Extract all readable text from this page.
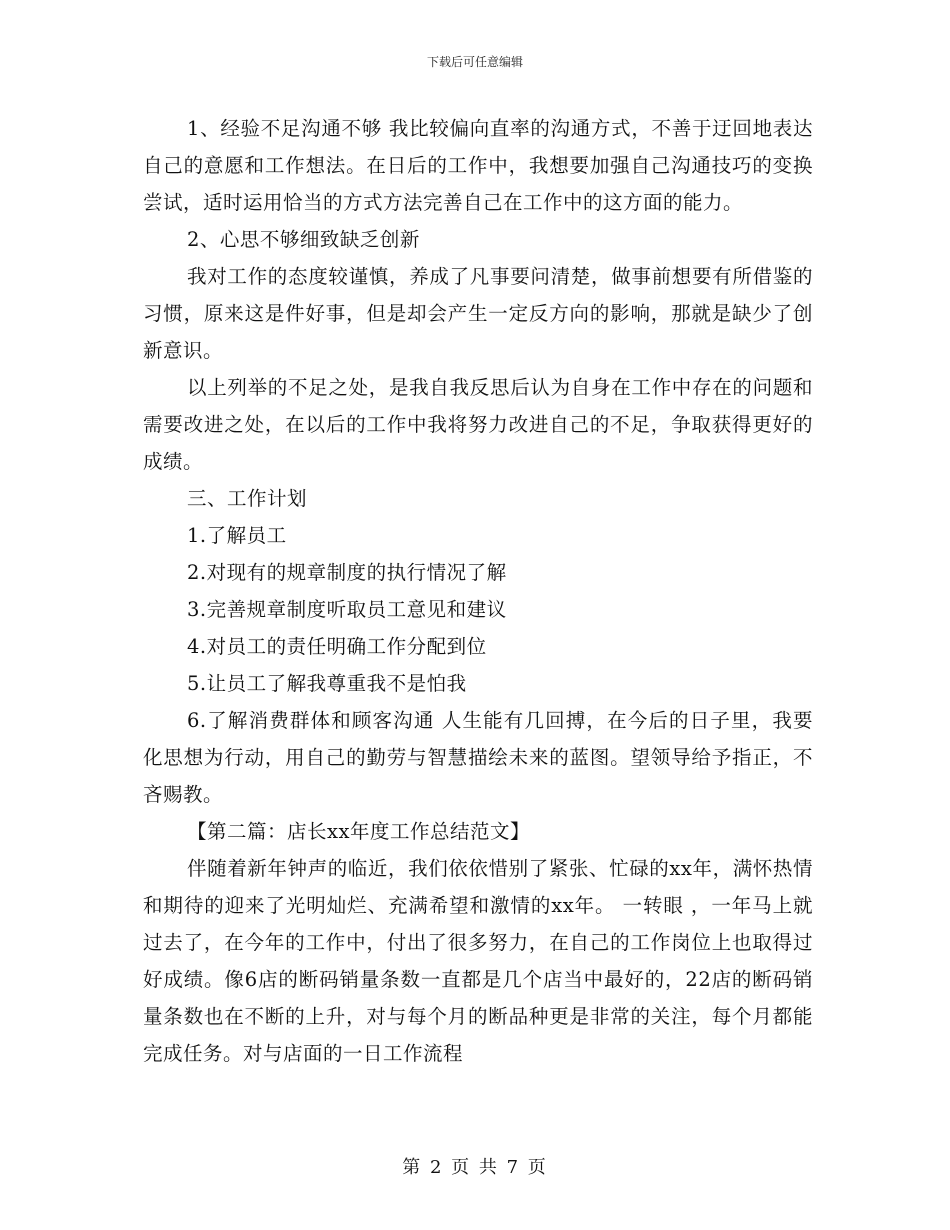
下载后可任意编辑

1、经验不足沟通不够 我比较偏向直率的沟通方式，不善于迂回地表达自己的意愿和工作想法。在日后的工作中，我想要加强自己沟通技巧的变换尝试，适时运用恰当的方式方法完善自己在工作中的这方面的能力。

2、心思不够细致缺乏创新

我对工作的态度较谨慎，养成了凡事要问清楚，做事前想要有所借鉴的习惯，原来这是件好事，但是却会产生一定反方向的影响，那就是缺少了创新意识。

以上列举的不足之处，是我自我反思后认为自身在工作中存在的问题和需要改进之处，在以后的工作中我将努力改进自己的不足，争取获得更好的成绩。

三、工作计划

1.了解员工

2.对现有的规章制度的执行情况了解

3.完善规章制度听取员工意见和建议

4.对员工的责任明确工作分配到位

5.让员工了解我尊重我不是怕我

6.了解消费群体和顾客沟通 人生能有几回搏，在今后的日子里，我要化思想为行动，用自己的勤劳与智慧描绘未来的蓝图。望领导给予指正，不吝赐教。

【第二篇：店长xx年度工作总结范文】

伴随着新年钟声的临近，我们依依惜别了紧张、忙碌的xx年，满怀热情和期待的迎来了光明灿烂、充满希望和激情的xx年。 一转眼 ，一年马上就过去了，在今年的工作中，付出了很多努力，在自己的工作岗位上也取得过好成绩。像6店的断码销量条数一直都是几个店当中最好的，22店的断码销量条数也在不断的上升，对与每个月的断品种更是非常的关注，每个月都能完成任务。对与店面的一日工作流程

第 2 页 共 7 页
